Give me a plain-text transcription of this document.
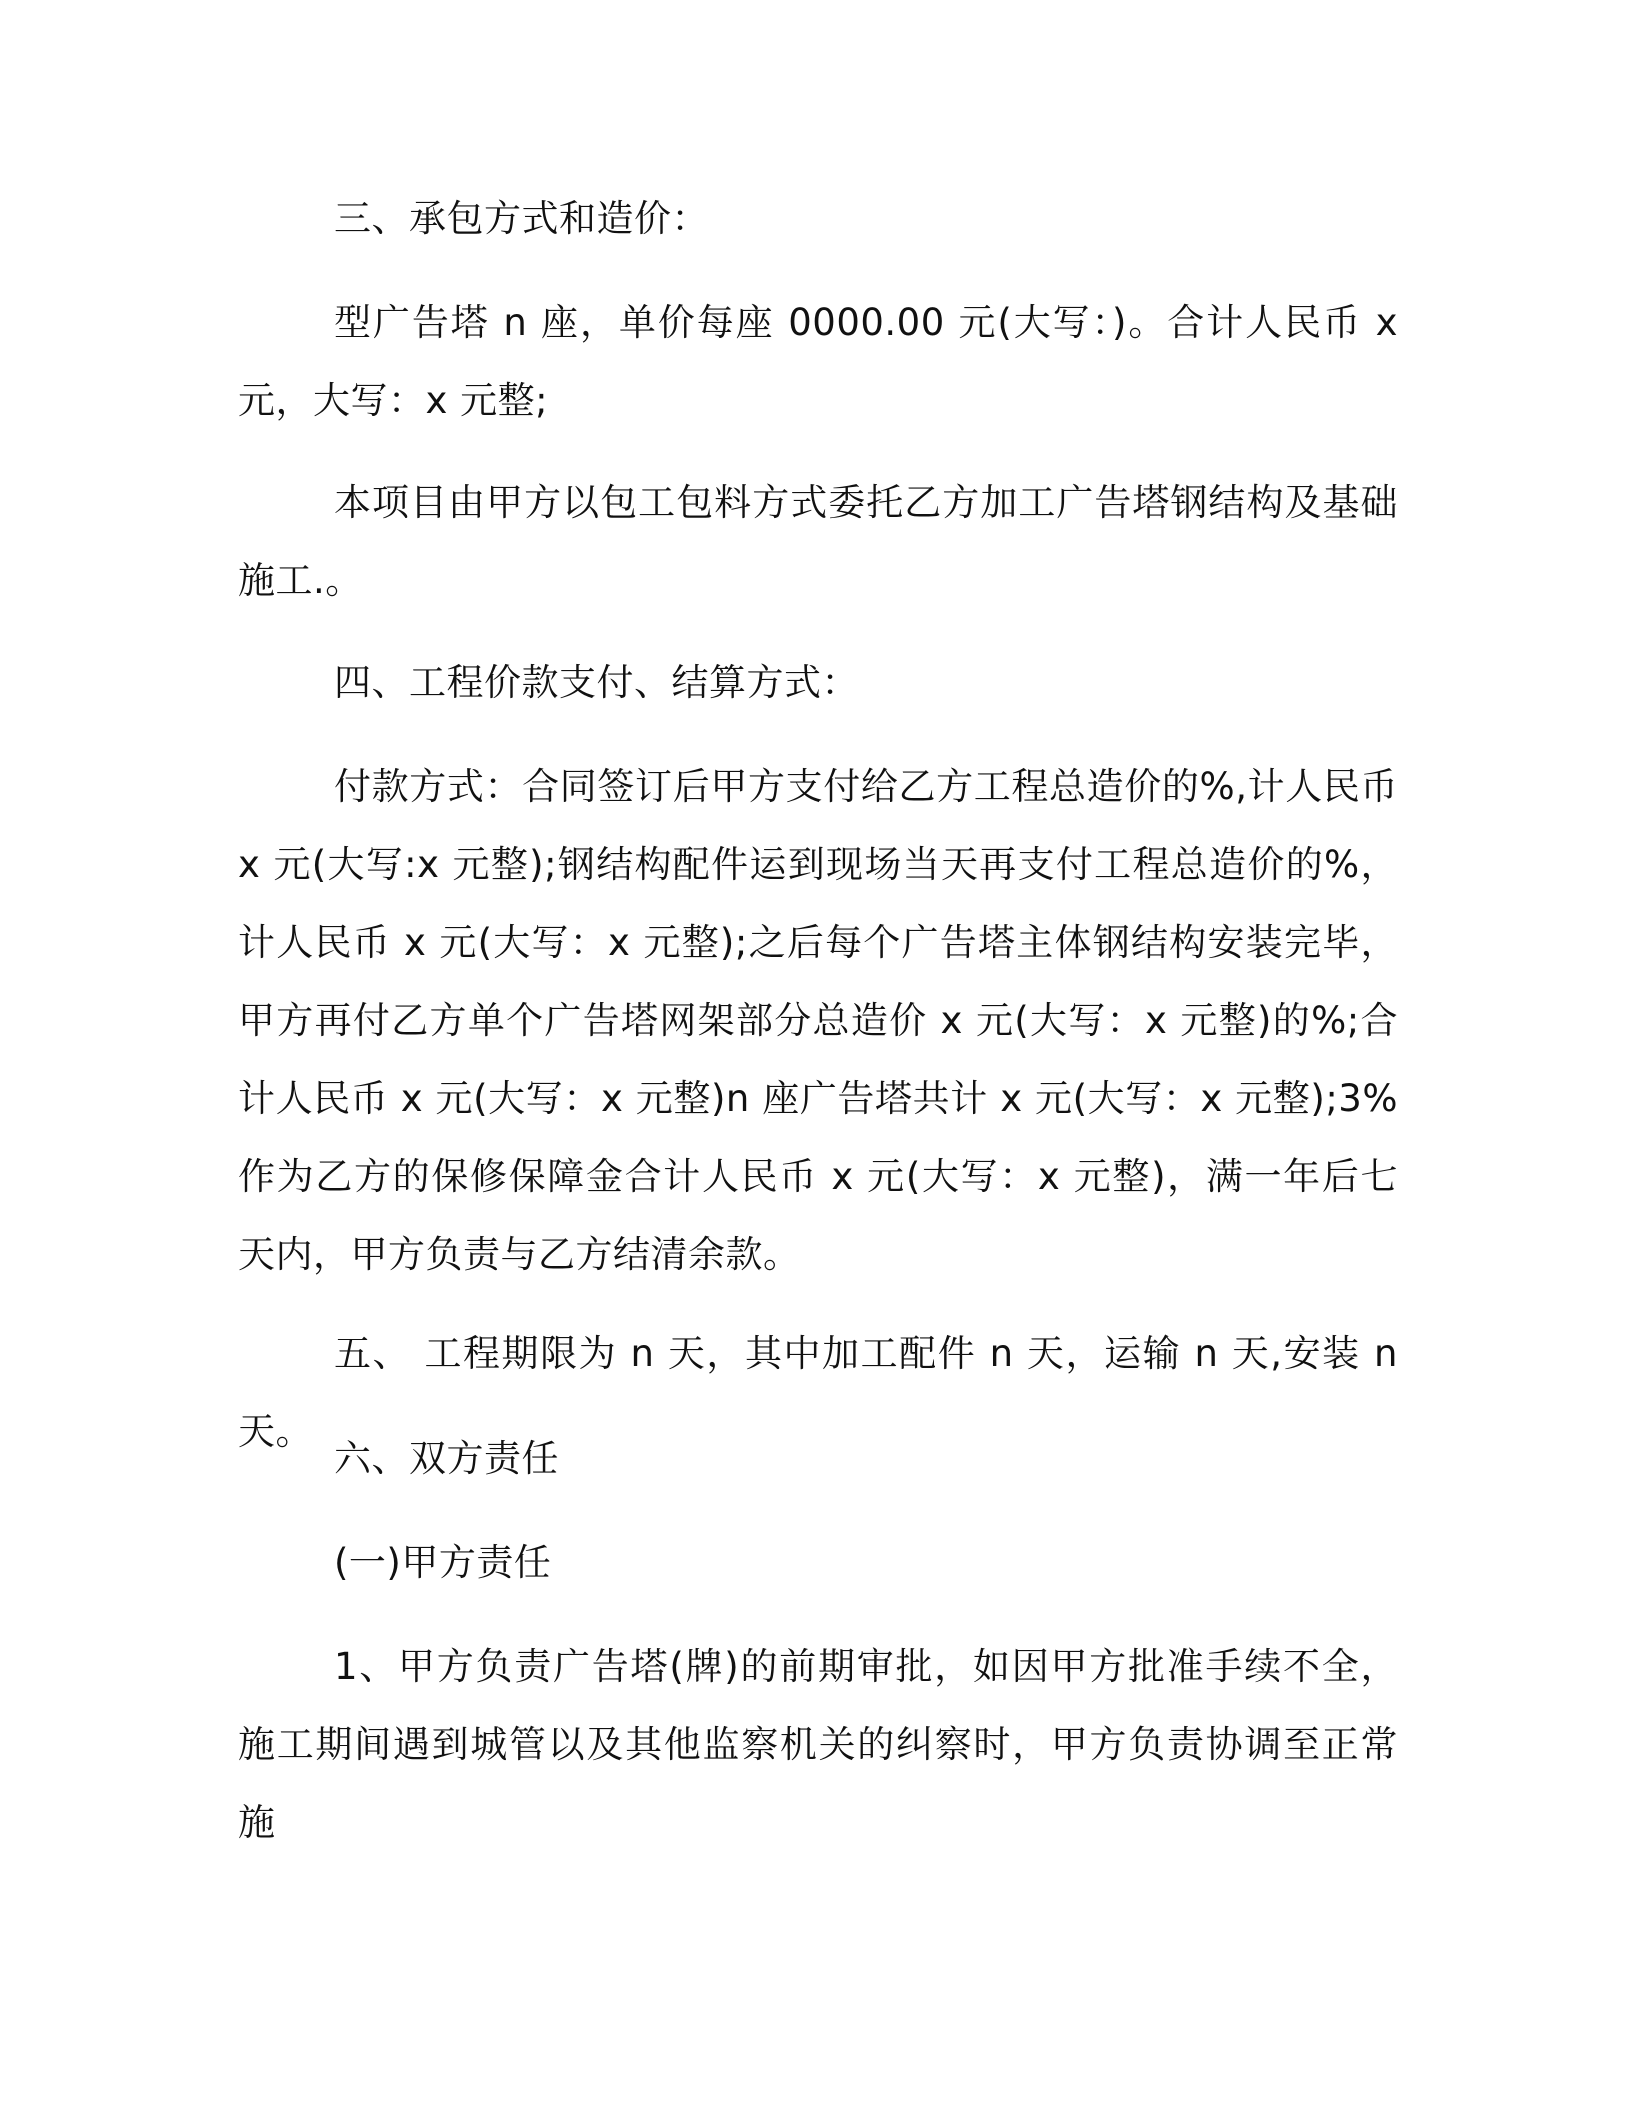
三、承包方式和造价：

型广告塔 n 座，单价每座 0000.00 元(大写：)。合计人民币 x 元，大写：x 元整;

本项目由甲方以包工包料方式委托乙方加工广告塔钢结构及基础施工.。

四、工程价款支付、结算方式：

付款方式：合同签订后甲方支付给乙方工程总造价的%,计人民币 x 元(大写:x 元整);钢结构配件运到现场当天再支付工程总造价的%，计人民币 x 元(大写：x 元整);之后每个广告塔主体钢结构安装完毕，甲方再付乙方单个广告塔网架部分总造价 x 元(大写：x 元整)的%;合计人民币 x 元(大写：x 元整)n 座广告塔共计 x 元(大写：x 元整);3%作为乙方的保修保障金合计人民币 x 元(大写：x 元整)，满一年后七天内，甲方负责与乙方结清余款。

五、 工程期限为 n 天，其中加工配件 n 天，运输 n 天,安装 n 天。

六、双方责任

(一)甲方责任

1、甲方负责广告塔(牌)的前期审批，如因甲方批准手续不全，施工期间遇到城管以及其他监察机关的纠察时，甲方负责协调至正常施
